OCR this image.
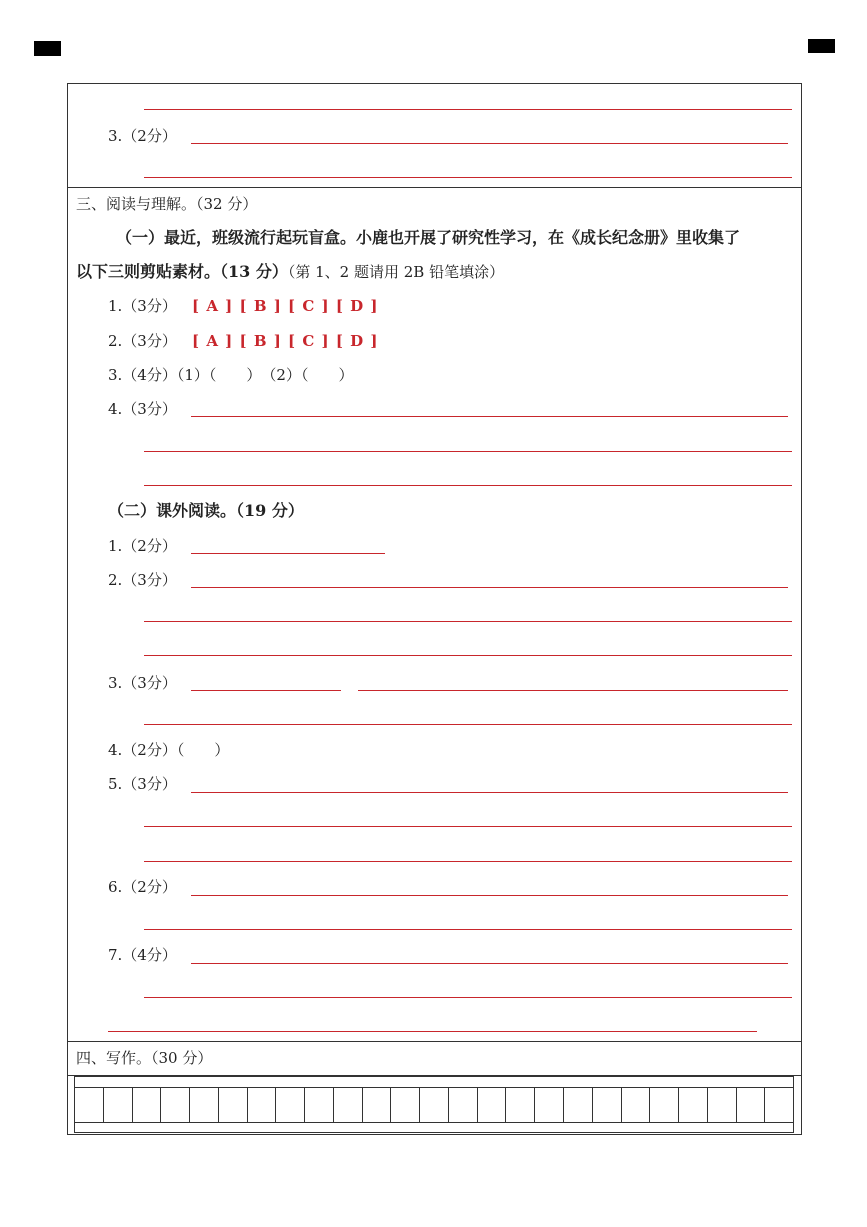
3.（2分）
三、阅读与理解。（32 分）
（一）最近，班级流行起玩盲盒。小鹿也开展了研究性学习，在《成长纪念册》里收集了
以下三则剪贴素材。（13 分）（第 1、2 题请用 2B 铅笔填涂）
1.（3分） [ A ] [ B ] [ C ] [ D ]
2.（3分） [ A ] [ B ] [ C ] [ D ]
3.（4分）（1）（　　）　（2）（　　）
4.（3分）
（二）课外阅读。（19 分）
1.（2分）
2.（3分）
3.（3分）
4.（2分）（　　）
5.（3分）
6.（2分）
7.（4分）
四、写作。（30 分）
